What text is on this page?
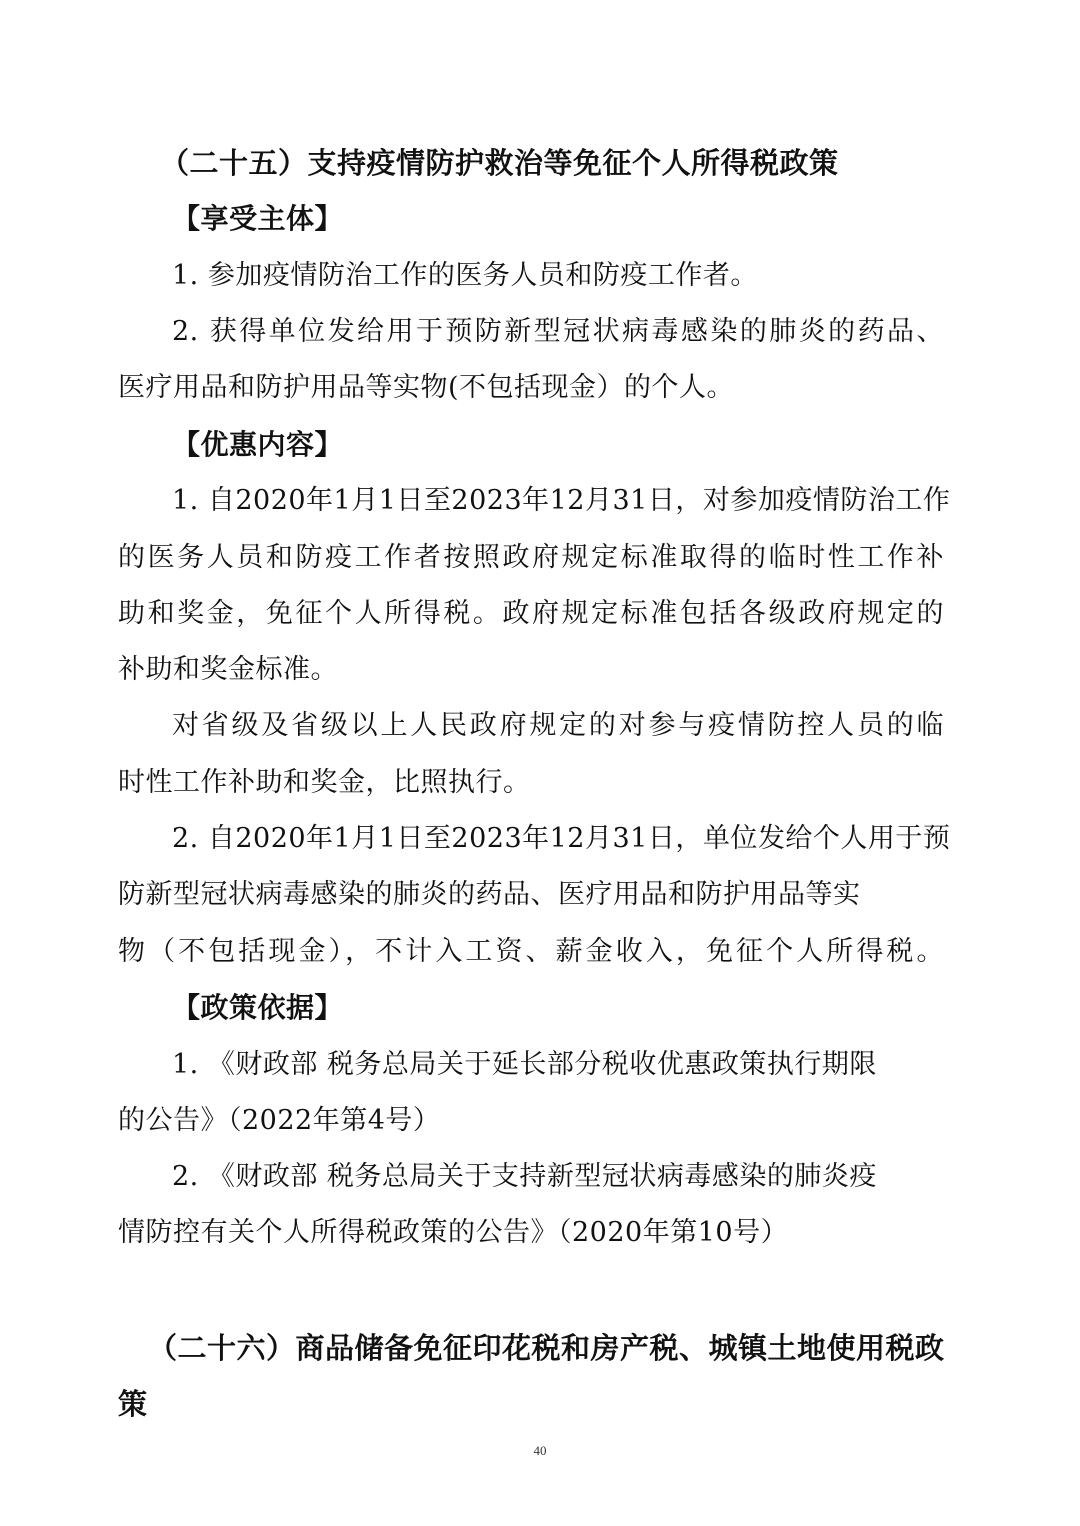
（二十五）支持疫情防护救治等免征个人所得税政策
【享受主体】
1. 参加疫情防治工作的医务人员和防疫工作者。
2. 获得单位发给用于预防新型冠状病毒感染的肺炎的药品、
医疗用品和防护用品等实物(不包括现金）的个人。
【优惠内容】
1. 自2020年1月1日至2023年12月31日，对参加疫情防治工作
的医务人员和防疫工作者按照政府规定标准取得的临时性工作补
助和奖金，免征个人所得税。政府规定标准包括各级政府规定的
补助和奖金标准。
对省级及省级以上人民政府规定的对参与疫情防控人员的临
时性工作补助和奖金，比照执行。
2. 自2020年1月1日至2023年12月31日，单位发给个人用于预
防新型冠状病毒感染的肺炎的药品、医疗用品和防护用品等实
物（不包括现金），不计入工资、薪金收入，免征个人所得税。
【政策依据】
1. 《财政部 税务总局关于延长部分税收优惠政策执行期限
的公告》（2022年第4号）
2. 《财政部 税务总局关于支持新型冠状病毒感染的肺炎疫
情防控有关个人所得税政策的公告》（2020年第10号）
（二十六）商品储备免征印花税和房产税、城镇土地使用税政
策
40
